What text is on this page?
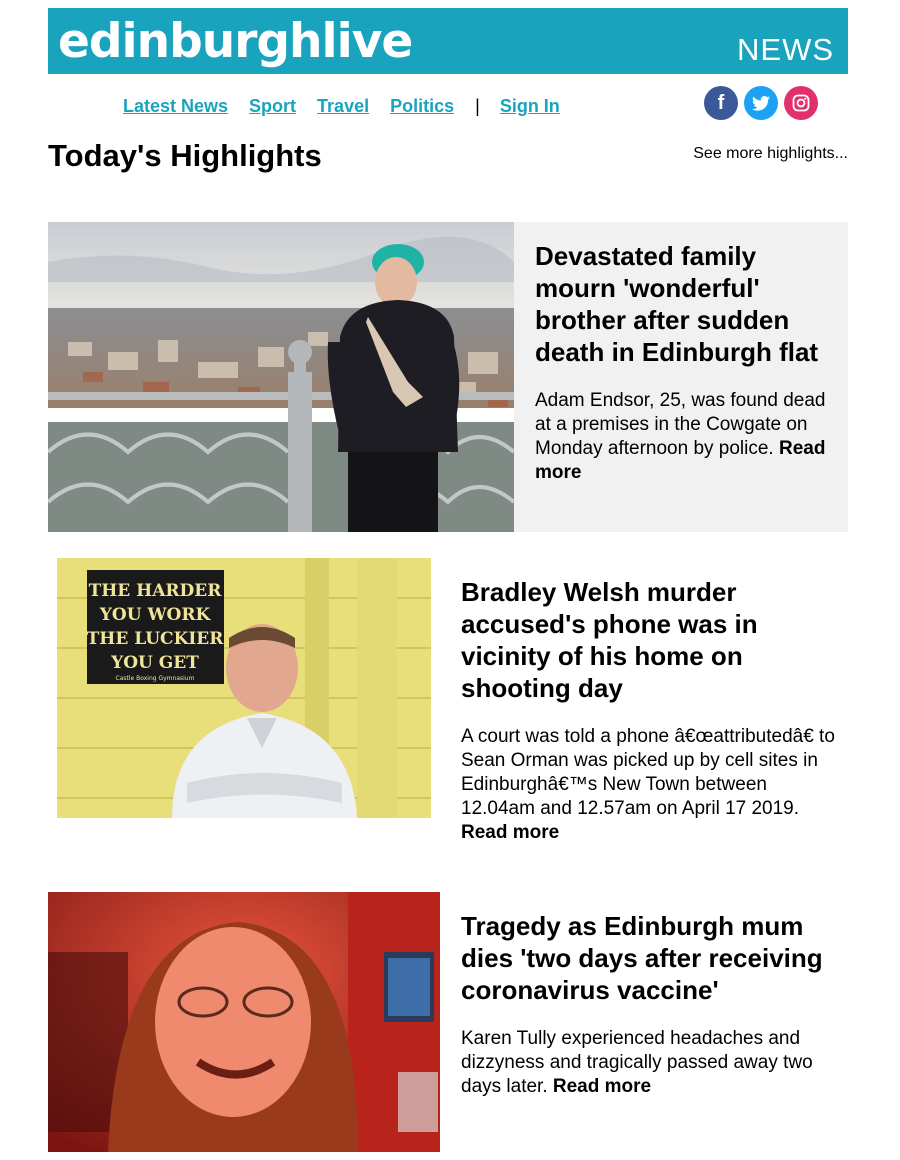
edinburghlive	NEWS
Latest News Sport Travel Politics | Sign In	f
Today's Highlights	See more highlights...
Devastated family mourn 'wonderful' brother after sudden death in Edinburgh flat

Adam Endsor, 25, was found dead at a premises in the Cowgate on Monday afternoon by police. Read more

THE HARDER
YOU WORK
THE LUCKIER
YOU GET
Castle Boxing Gymnasium
Bradley Welsh murder accused's phone was in vicinity of his home on shooting day

A court was told a phone â€œattributedâ€ to Sean Orman was picked up by cell sites in Edinburghâ€™s New Town between 12.04am and 12.57am on April 17 2019. Read more

Tragedy as Edinburgh mum dies 'two days after receiving coronavirus vaccine'

Karen Tully experienced headaches and dizzyness and tragically passed away two days later. Read more
